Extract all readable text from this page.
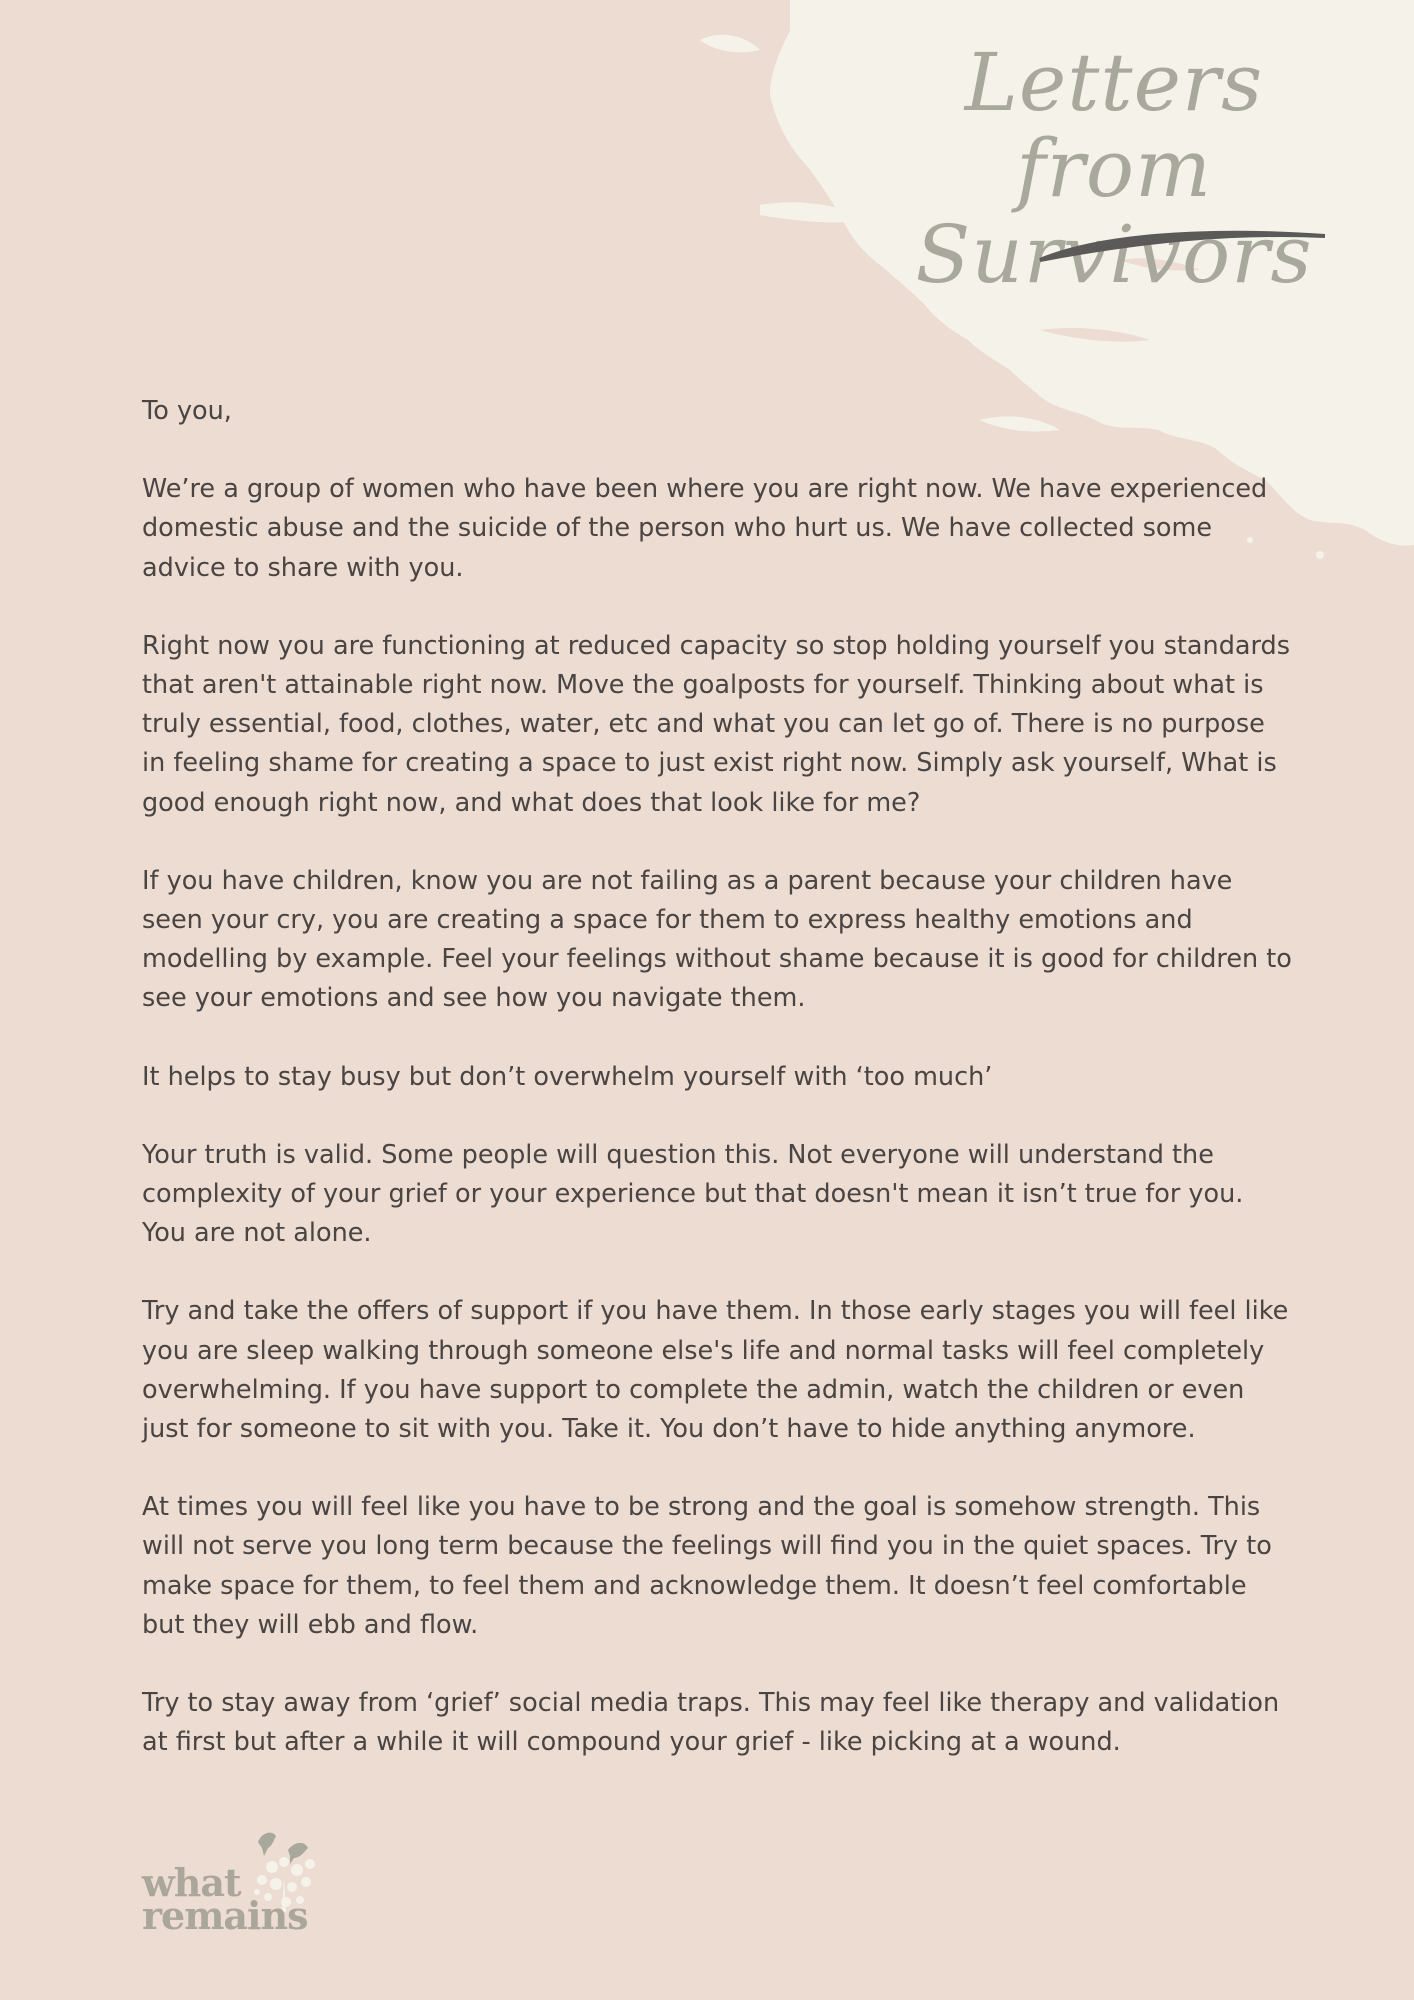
Letters from
Survivors

To you,

We’re a group of women who have been where you are right now. We have experienced domestic abuse and the suicide of the person who hurt us. We have collected some advice to share with you.

Right now you are functioning at reduced capacity so stop holding yourself you standards that aren't attainable right now. Move the goalposts for yourself. Thinking about what is truly essential, food, clothes, water, etc and what you can let go of. There is no purpose in feeling shame for creating a space to just exist right now. Simply ask yourself, What is good enough right now, and what does that look like for me?

If you have children, know you are not failing as a parent because your children have seen your cry, you are creating a space for them to express healthy emotions and modelling by example. Feel your feelings without shame because it is good for children to see your emotions and see how you navigate them.

It helps to stay busy but don’t overwhelm yourself with ‘too much’

Your truth is valid. Some people will question this. Not everyone will understand the complexity of your grief or your experience but that doesn't mean it isn’t true for you. You are not alone.

Try and take the offers of support if you have them. In those early stages you will feel like you are sleep walking through someone else's life and normal tasks will feel completely overwhelming. If you have support to complete the admin, watch the children or even just for someone to sit with you. Take it. You don’t have to hide anything anymore.

At times you will feel like you have to be strong and the goal is somehow strength. This will not serve you long term because the feelings will find you in the quiet spaces. Try to make space for them, to feel them and acknowledge them. It doesn’t feel comfortable but they will ebb and flow.

Try to stay away from ‘grief’ social media traps. This may feel like therapy and validation at first but after a while it will compound your grief - like picking at a wound.

what
remains
